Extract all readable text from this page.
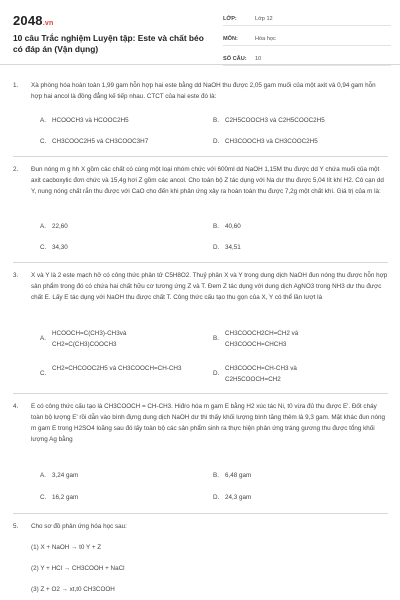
2048.vn
10 câu Trắc nghiệm Luyện tập: Este và chất béo có đáp án (Vận dụng)
LỚP:	Lớp 12
MÔN:	Hóa học
SỐ CÂU:	10
1.	Xà phòng hóa hoàn toàn 1,99 gam hỗn hợp hai este bằng dd NaOH thu được 2,05 gam muối của một axit và 0,94 gam hỗn hợp hai ancol là đồng đẳng kế tiếp nhau. CTCT của hai este đó là:
A. HCOOCH3 và HCOOC2H5	B. C2H5COOCH3 và C2H5COOC2H5
C. CH3COOC2H5 và CH3COOC3H7	D. CH3COOCH3 và CH3COOC2H5
2.	Đun nóng m g hh X gồm các chất có cùng một loại nhóm chức với 600ml dd NaOH 1,15M thu được dd Y chứa muối của một axit cacboxylic đơn chức và 15,4g hơi Z gồm các ancol. Cho toàn bộ Z tác dụng với Na dư thu được 5,04 lít khí H2. Cô cạn dd Y, nung nóng chất rắn thu được với CaO cho đến khi phản ứng xảy ra hoàn toàn thu được 7,2g một chất khí. Giá trị của m là:
A. 22,60	B. 40,60
C. 34,30	D. 34,51
3.	X và Y là 2 este mạch hở có công thức phân tử C5H8O2. Thuỷ phân X và Y trong dung dịch NaOH đun nóng thu được hỗn hợp sản phẩm trong đó có chứa hai chất hữu cơ tương ứng Z và T. Đem Z tác dụng với dung dịch AgNO3 trong NH3 dư thu được chất E. Lấy E tác dụng với NaOH thu được chất T. Công thức cấu tạo thu gọn của X, Y có thể lần lượt là
A.
HCOOCH=C(CH3)-CH3và CH2=C(CH3)COOCH3
B.
CH3COOCH2CH=CH2 và CH3COOCH=CHCH3
C.
CH2=CHCOOC2H5 và CH3COOCH=CH-CH3
D.
CH3COOCH=CH-CH3 và C2H5COOCH=CH2
4.	E có công thức cấu tạo là CH3COOCH = CH-CH3. Hiđro hóa m gam E bằng H2 xúc tác Ni, t0 vừa đủ thu được E'. Đốt cháy toàn bộ lượng E' rồi dẫn vào bình đựng dung dịch NaOH dư thì thấy khối lượng bình tăng thêm là 9,3 gam. Mặt khác đun nóng m gam E trong H2SO4 loãng sau đó lấy toàn bộ các sản phẩm sinh ra thực hiện phản ứng tráng gương thu được tổng khối lượng Ag bằng
A. 3,24 gam	B. 6,48 gam
C. 16,2 gam	D. 24,3 gam
5.	Cho sơ đồ phản ứng hóa học sau:
(1) X + NaOH → t0 Y + Z
(2) Y + HCl → CH3COOH + NaCl
(3) Z + O2 → xt,t0 CH3COOH
